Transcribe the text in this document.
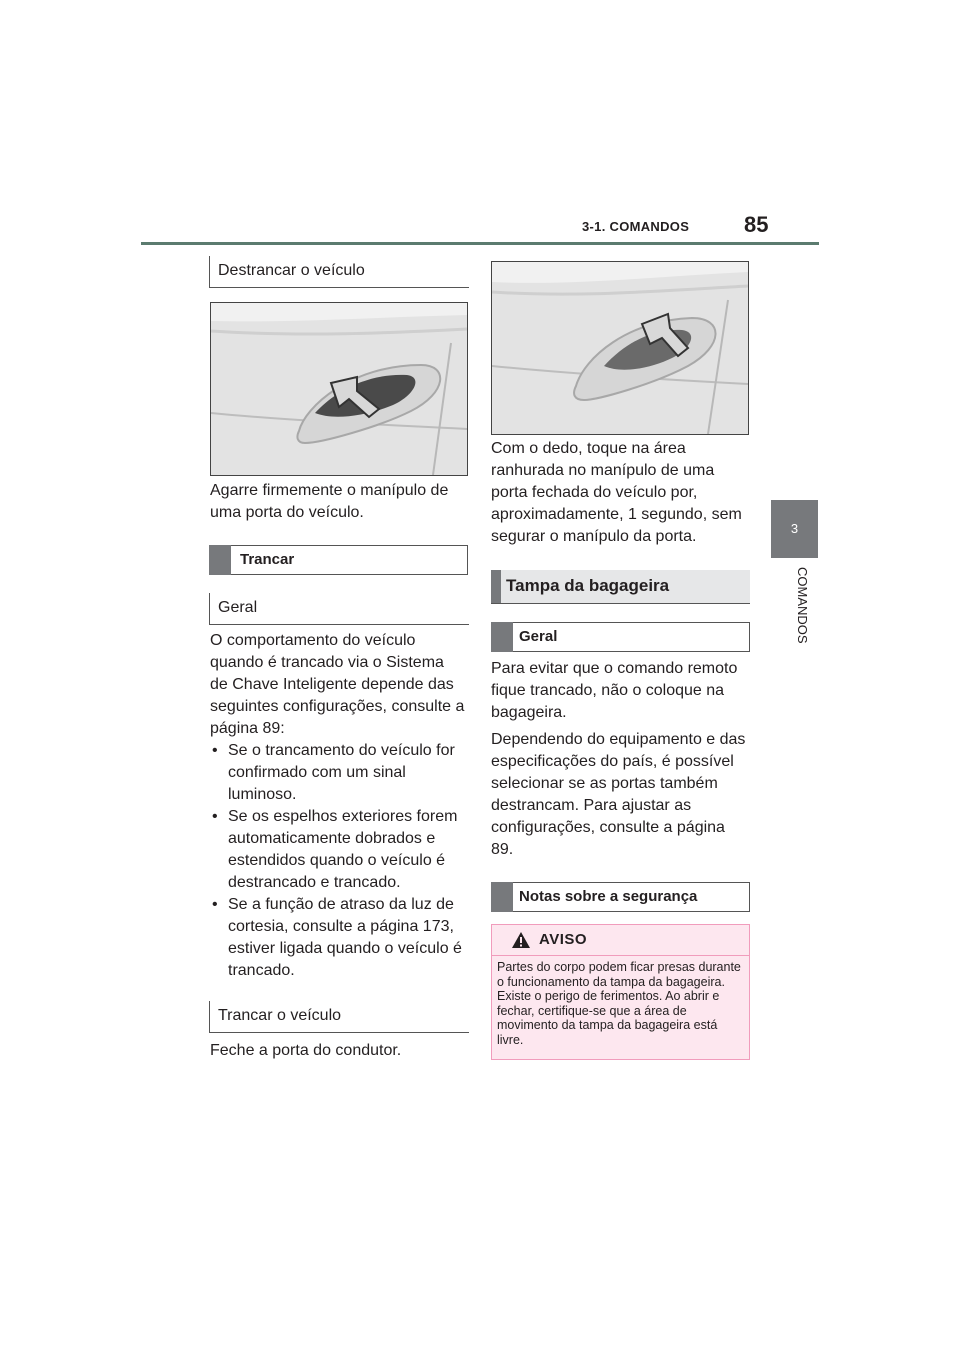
3-1. COMANDOS 85
3
COMANDOS
Destrancar o veículo
Agarre firmemente o manípulo de uma porta do veículo.
Trancar
Geral
O comportamento do veículo quando é trancado via o Sistema de Chave Inteligente depende das seguintes configurações, consulte a página 89:
• Se o trancamento do veículo for confirmado com um sinal luminoso.
• Se os espelhos exteriores forem automaticamente dobrados e estendidos quando o veículo é destrancado e trancado.
• Se a função de atraso da luz de cortesia, consulte a página 173, estiver ligada quando o veículo é trancado.
Trancar o veículo
Feche a porta do condutor.
Com o dedo, toque na área ranhurada no manípulo de uma porta fechada do veículo por, aproximadamente, 1 segundo, sem segurar o manípulo da porta.
Tampa da bagageira
Geral
Para evitar que o comando remoto fique trancado, não o coloque na bagageira.
Dependendo do equipamento e das especificações do país, é possível selecionar se as portas também destrancam. Para ajustar as configurações, consulte a página 89.
Notas sobre a segurança
AVISO
Partes do corpo podem ficar presas durante o funcionamento da tampa da bagageira. Existe o perigo de ferimentos. Ao abrir e fechar, certifique-se que a área de movimento da tampa da bagageira está livre.
